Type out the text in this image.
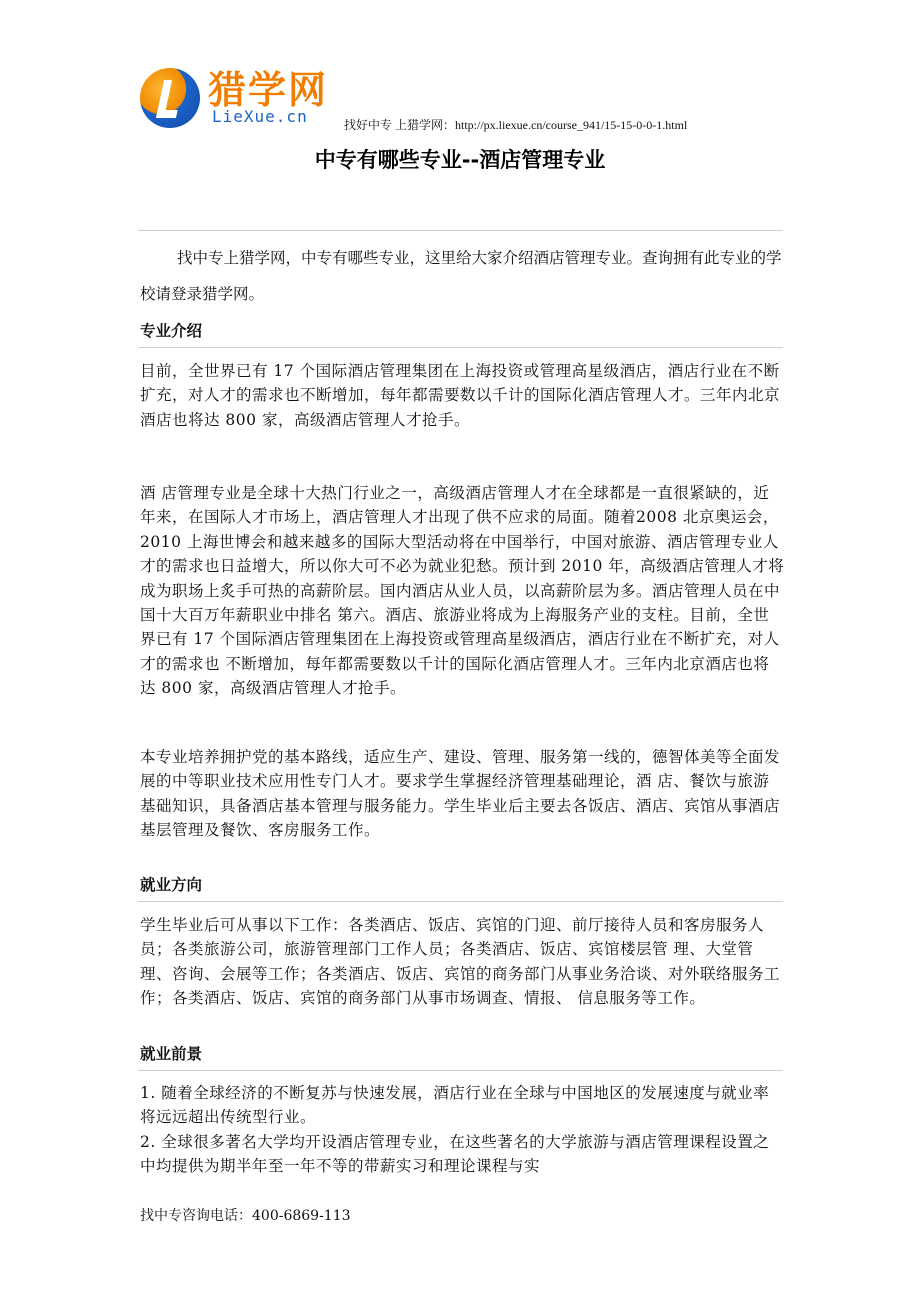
猎学网
LieXue.cn	找好中专 上猎学网：http://px.liexue.cn/course_941/15-15-0-0-1.html
中专有哪些专业--酒店管理专业

找中专上猎学网，中专有哪些专业，这里给大家介绍酒店管理专业。查询拥有此专业的学校请登录猎学网。

专业介绍

目前，全世界已有 17 个国际酒店管理集团在上海投资或管理高星级酒店，酒店行业在不断扩充，对人才的需求也不断增加，每年都需要数以千计的国际化酒店管理人才。三年内北京酒店也将达 800 家，高级酒店管理人才抢手。

酒 店管理专业是全球十大热门行业之一，高级酒店管理人才在全球都是一直很紧缺的，近年来，在国际人才市场上，酒店管理人才出现了供不应求的局面。随着2008 北京奥运会，2010 上海世博会和越来越多的国际大型活动将在中国举行，中国对旅游、酒店管理专业人才的需求也日益增大，所以你大可不必为就业犯愁。预计到 2010 年，高级酒店管理人才将成为职场上炙手可热的高薪阶层。国内酒店从业人员，以高薪阶层为多。酒店管理人员在中国十大百万年薪职业中排名 第六。酒店、旅游业将成为上海服务产业的支柱。目前，全世界已有 17 个国际酒店管理集团在上海投资或管理高星级酒店，酒店行业在不断扩充，对人才的需求也 不断增加，每年都需要数以千计的国际化酒店管理人才。三年内北京酒店也将达 800 家，高级酒店管理人才抢手。

本专业培养拥护党的基本路线，适应生产、建设、管理、服务第一线的，德智体美等全面发展的中等职业技术应用性专门人才。要求学生掌握经济管理基础理论，酒 店、餐饮与旅游基础知识，具备酒店基本管理与服务能力。学生毕业后主要去各饭店、酒店、宾馆从事酒店基层管理及餐饮、客房服务工作。

就业方向

学生毕业后可从事以下工作：各类酒店、饭店、宾馆的门迎、前厅接待人员和客房服务人员；各类旅游公司，旅游管理部门工作人员；各类酒店、饭店、宾馆楼层管 理、大堂管理、咨询、会展等工作；各类酒店、饭店、宾馆的商务部门从事业务洽谈、对外联络服务工作；各类酒店、饭店、宾馆的商务部门从事市场调查、情报、 信息服务等工作。

就业前景

1. 随着全球经济的不断复苏与快速发展，酒店行业在全球与中国地区的发展速度与就业率将远远超出传统型行业。

2. 全球很多著名大学均开设酒店管理专业，在这些著名的大学旅游与酒店管理课程设置之中均提供为期半年至一年不等的带薪实习和理论课程与实

找中专咨询电话：400-6869-113
